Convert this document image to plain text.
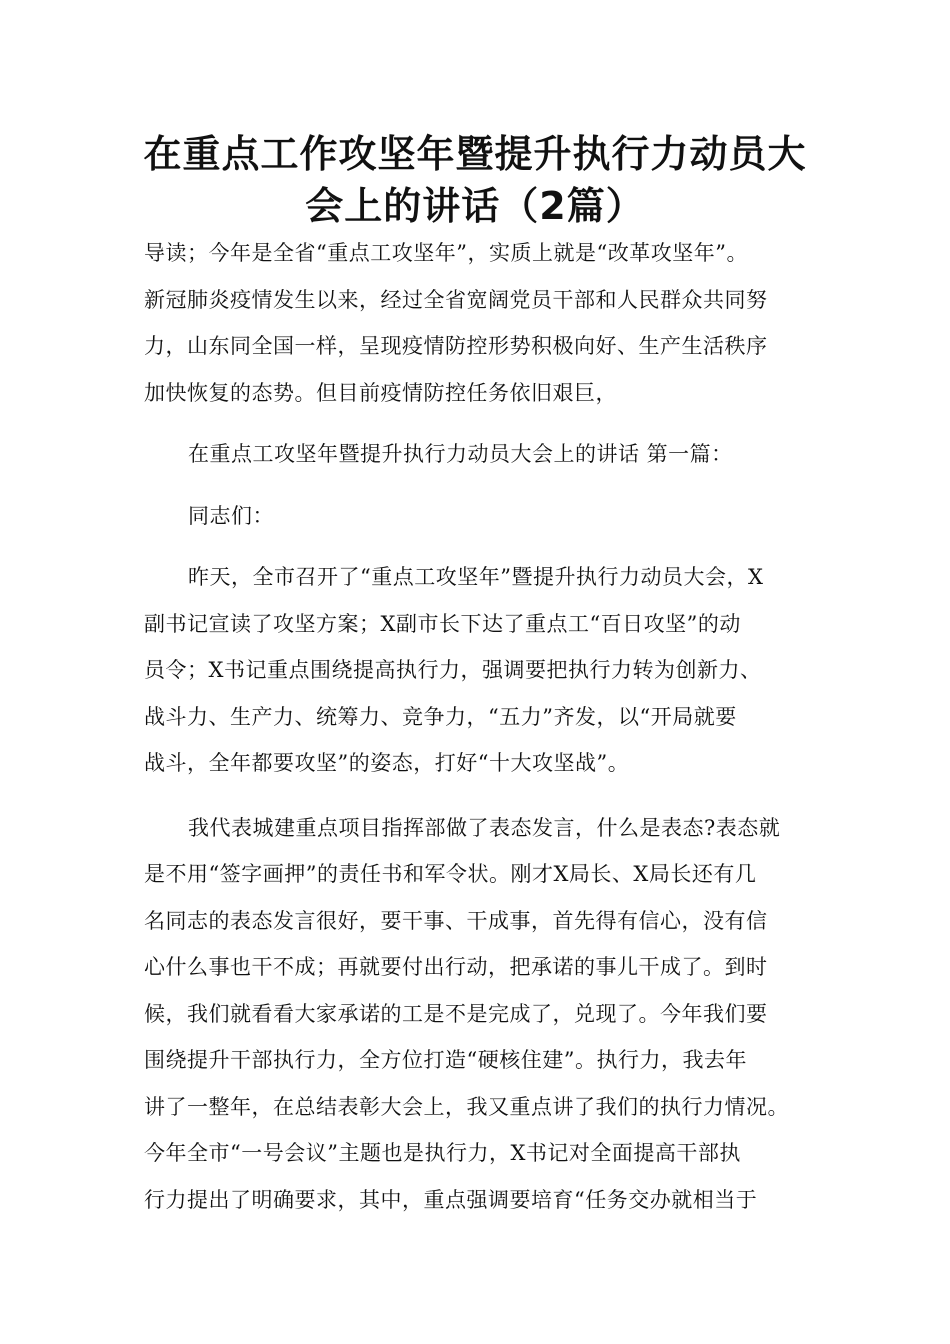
在重点工作攻坚年暨提升执行力动员大
会上的讲话（2篇）
导读；今年是全省“重点工攻坚年”，实质上就是“改革攻坚年”。
新冠肺炎疫情发生以来，经过全省宽阔党员干部和人民群众共同努
力，山东同全国一样，呈现疫情防控形势积极向好、生产生活秩序
加快恢复的态势。但目前疫情防控任务依旧艰巨，
在重点工攻坚年暨提升执行力动员大会上的讲话 第一篇：
同志们：
昨天，全市召开了“重点工攻坚年”暨提升执行力动员大会，X
副书记宣读了攻坚方案；X副市长下达了重点工“百日攻坚”的动
员令；X书记重点围绕提高执行力，强调要把执行力转为创新力、
战斗力、生产力、统筹力、竞争力，“五力”齐发，以“开局就要
战斗，全年都要攻坚”的姿态，打好“十大攻坚战”。
我代表城建重点项目指挥部做了表态发言，什么是表态?表态就
是不用“签字画押”的责任书和军令状。刚才X局长、X局长还有几
名同志的表态发言很好，要干事、干成事，首先得有信心，没有信
心什么事也干不成；再就要付出行动，把承诺的事儿干成了。到时
候，我们就看看大家承诺的工是不是完成了，兑现了。今年我们要
围绕提升干部执行力，全方位打造“硬核住建”。执行力，我去年
讲了一整年，在总结表彰大会上，我又重点讲了我们的执行力情况。
今年全市“一号会议”主题也是执行力，X书记对全面提高干部执
行力提出了明确要求，其中，重点强调要培育“任务交办就相当于
